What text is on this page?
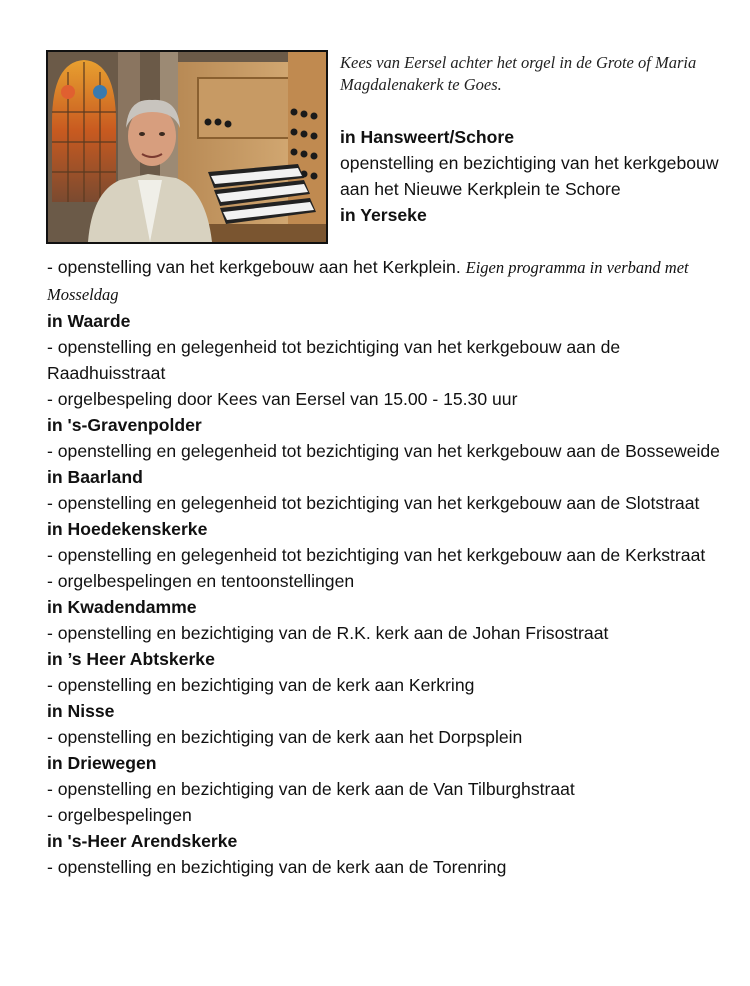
Kees van Eersel achter het orgel in de Grote of Maria Magdalenakerk te Goes.
in Hansweert/Schore
openstelling en bezichtiging van het kerkgebouw aan het Nieuwe Kerkplein te Schore
in Yerseke
- openstelling van het kerkgebouw aan het Kerkplein. Eigen programma in verband met Mosseldag
in Waarde
- openstelling en gelegenheid tot bezichtiging van het kerkgebouw aan de Raadhuisstraat
- orgelbespeling door Kees van Eersel van 15.00 - 15.30 uur
in 's-Gravenpolder
- openstelling en gelegenheid tot bezichtiging van het kerkgebouw aan de Bosseweide
in Baarland
- openstelling en gelegenheid tot bezichtiging van het kerkgebouw aan de Slotstraat
in Hoedekenskerke
- openstelling en gelegenheid tot bezichtiging van het kerkgebouw aan de Kerkstraat
- orgelbespelingen en tentoonstellingen
in Kwadendamme
- openstelling en bezichtiging van de R.K. kerk aan de Johan Frisostraat
in ’s Heer Abtskerke
- openstelling en bezichtiging van de kerk aan Kerkring
in Nisse
- openstelling en bezichtiging van de kerk aan het Dorpsplein
in Driewegen
- openstelling en bezichtiging van de kerk aan de Van Tilburghstraat
- orgelbespelingen
in 's-Heer Arendskerke
- openstelling en bezichtiging van de kerk aan de Torenring
